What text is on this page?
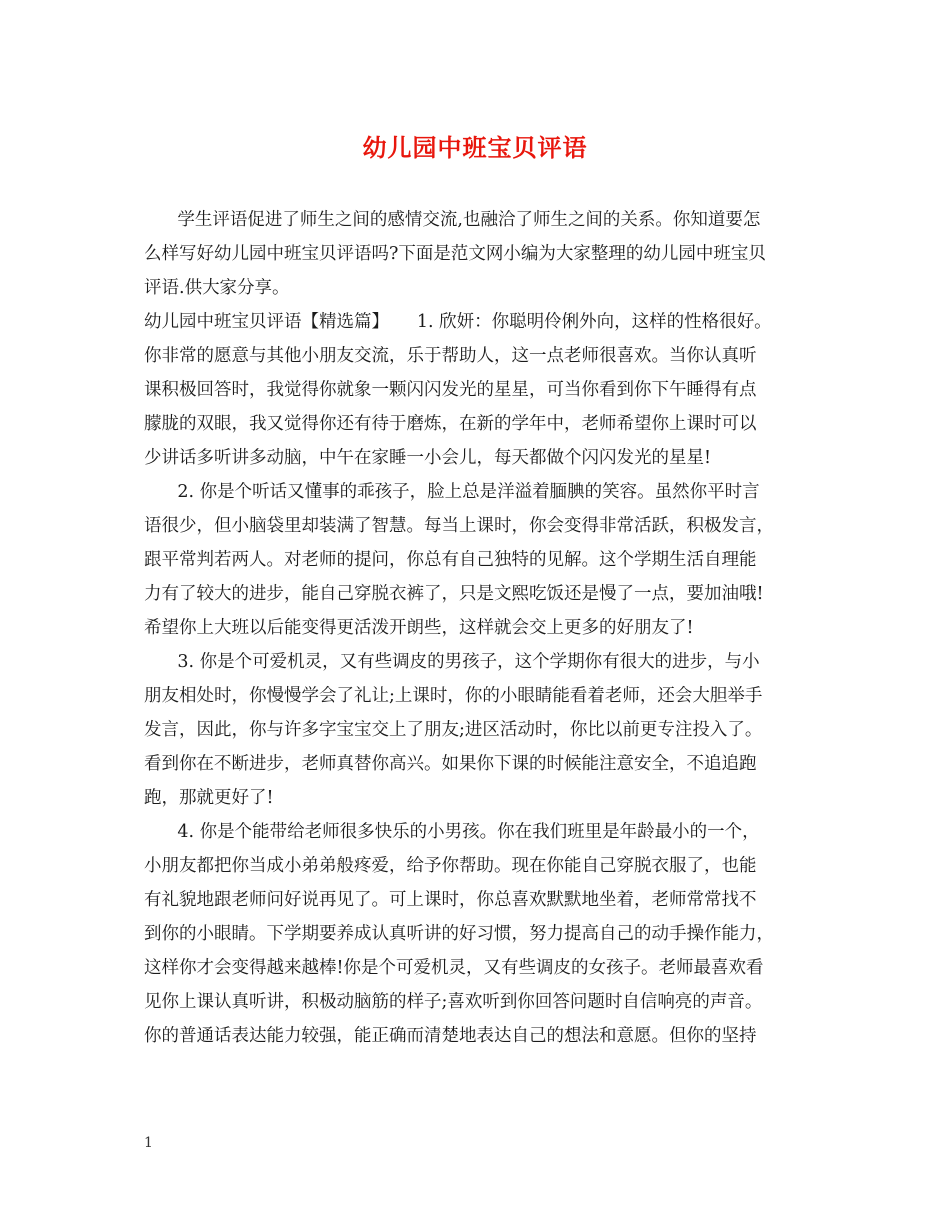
幼儿园中班宝贝评语
学生评语促进了师生之间的感情交流,也融洽了师生之间的关系。你知道要怎
么样写好幼儿园中班宝贝评语吗?下面是范文网小编为大家整理的幼儿园中班宝贝
评语.供大家分享。
幼儿园中班宝贝评语【精选篇】     1. 欣妍：你聪明伶俐外向，这样的性格很好。
你非常的愿意与其他小朋友交流，乐于帮助人，这一点老师很喜欢。当你认真听
课积极回答时，我觉得你就象一颗闪闪发光的星星，可当你看到你下午睡得有点
朦胧的双眼，我又觉得你还有待于磨炼，在新的学年中，老师希望你上课时可以
少讲话多听讲多动脑，中午在家睡一小会儿，每天都做个闪闪发光的星星!
2. 你是个听话又懂事的乖孩子，脸上总是洋溢着腼腆的笑容。虽然你平时言
语很少，但小脑袋里却装满了智慧。每当上课时，你会变得非常活跃，积极发言，
跟平常判若两人。对老师的提问，你总有自己独特的见解。这个学期生活自理能
力有了较大的进步，能自己穿脱衣裤了，只是文熙吃饭还是慢了一点，要加油哦!
希望你上大班以后能变得更活泼开朗些，这样就会交上更多的好朋友了!
3. 你是个可爱机灵，又有些调皮的男孩子，这个学期你有很大的进步，与小
朋友相处时，你慢慢学会了礼让;上课时，你的小眼睛能看着老师，还会大胆举手
发言，因此，你与许多字宝宝交上了朋友;进区活动时，你比以前更专注投入了。
看到你在不断进步，老师真替你高兴。如果你下课的时候能注意安全，不追追跑
跑，那就更好了!
4. 你是个能带给老师很多快乐的小男孩。你在我们班里是年龄最小的一个，
小朋友都把你当成小弟弟般疼爱，给予你帮助。现在你能自己穿脱衣服了，也能
有礼貌地跟老师问好说再见了。可上课时，你总喜欢默默地坐着，老师常常找不
到你的小眼睛。下学期要养成认真听讲的好习惯，努力提高自己的动手操作能力，
这样你才会变得越来越棒!你是个可爱机灵，又有些调皮的女孩子。老师最喜欢看
见你上课认真听讲，积极动脑筋的样子;喜欢听到你回答问题时自信响亮的声音。
你的普通话表达能力较强，能正确而清楚地表达自己的想法和意愿。但你的坚持
1
